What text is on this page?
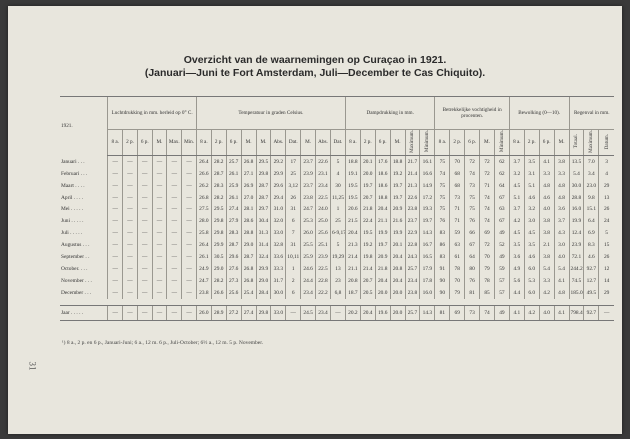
Overzicht van de waarnemingen op Curaçao in 1921.
(Januari—Juni te Fort Amsterdam, Juli—December te Cas Chiquito).
1921.	Luchtdrukking in mm. herleid op 0° C.						Temperatuur in graden Celsius.										Dampdrukking in mm.						Betrekkelijke vochtigheid in procenten.					Bewolking (0—10).				Regenval in mm.		
	8 a.	2 p.	6 p.	M.	Max.	Min.	8 a.	2 p.	6 p.	M.	M.	Abs.	Dat.	M.	Abs.	Dat.	8 a.	2 p.	6 p.	M.	Maximum.	Minimum.	8 a.	2 p.	6 p.	M.	Minimum.	8 a.	2 p.	6 p.	M.	Totaal.	Maximum.	Datum.
Januari . . .	—	—	—	—	—	—	26.4	28.2	25.7	26.8	29.5	29.2	17	23.7	22.6	5	18.8	20.1	17.6	18.8	21.7	16.1	75	70	72	72	62	3.7	3.5	4.1	3.8	13.5	7.0	3
Februari . . .	—	—	—	—	—	—	26.6	28.7	26.1	27.1	29.8	29.9	25	23.9	23.1	4	19.1	20.0	18.6	19.2	21.4	16.6	74	68	74	72	62	3.2	3.1	3.3	3.3	5.4	3.4	4
Maart . . . .	—	—	—	—	—	—	26.2	28.3	25.9	26.9	28.7	29.6	3,12	23.7	23.4	30	19.5	19.7	18.6	19.7	21.3	14.9	75	68	73	71	64	4.5	5.1	4.8	4.8	30.0	23.0	29
April . . . .	—	—	—	—	—	—	26.8	28.2	26.1	27.0	28.7	29.4	26	23.8	22.5	11,25	19.5	20.7	18.8	19.7	22.6	17.2	75	73	75	74	67	5.1	4.6	4.6	4.8	28.8	9.8	13
Mei . . . . .	—	—	—	—	—	—	27.5	29.5	27.4	28.1	29.7	31.0	31	24.7	24.0	1	20.6	21.8	20.4	20.9	23.8	19.3	75	71	75	74	63	3.7	3.2	4.0	3.6	16.0	15.1	26
Juni . . . . .	—	—	—	—	—	—	28.0	29.8	27.9	28.6	30.4	32.0	6	25.3	25.0	25	21.5	22.4	21.1	21.6	23.7	19.7	76	71	76	74	67	4.2	3.0	3.8	3.7	19.9	6.4	24
Juli . . . . .	—	—	—	—	—	—	25.8	29.8	28.3	28.8	31.3	33.0	7	26.0	25.6	6-9,17	20.4	19.5	19.9	19.9	22.9	14.3	83	59	66	69	49	4.5	4.5	3.8	4.3	12.4	6.9	5
Augustus . . .	—	—	—	—	—	—	26.4	29.9	28.7	29.0	31.4	32.8	31	25.5	25.1	5	21.3	19.2	19.7	20.1	22.8	16.7	86	63	67	72	52	3.5	3.5	2.1	3.0	23.9	8.3	15
September . .	—	—	—	—	—	—	26.1	30.5	29.6	28.7	32.4	33.6	10,11	25.9	23.9	19,29	21.4	19.8	20.9	20.4	24.3	16.5	83	61	64	70	49	3.6	4.6	3.8	4.0	72.1	4.6	26
October. . . .	—	—	—	—	—	—	24.9	29.0	27.6	26.8	29.9	33.3	1	24.6	22.5	13	21.1	21.4	21.8	20.8	25.7	17.9	91	78	80	79	59	4.9	6.0	5.4	5.4	244.2	92.7	12
November . . .	—	—	—	—	—	—	24.7	28.2	27.3	26.8	29.0	31.7	2	24.4	22.8	23	20.8	20.7	20.4	20.4	23.4	17.8	90	70	76	78	57	5.6	5.3	3.3	4.1	74.5	12.7	14
December . . .	—	—	—	—	—	—	23.8	26.6	25.6	25.4	28.4	30.0	6	23.4	22.2	6,8	18.7	20.5	20.0	20.0	23.8	16.0	90	79	81	85	57	4.4	6.0	4.2	4.8	185.0	49.5	29

Jaar . . . . .	—	—	—	—	—	—	26.0	28.9	27.2	27.4	29.8	33.0	—	24.5	23.4	—	20.2	20.4	19.6	20.0	25.7	14.3	81	69	73	74	49	4.1	4.2	4.0	4.1	798.4	92.7	—
¹) 8 a., 2 p. en 6 p., Januari-Juni; 6 a., 12 m. 6 p., Juli-October; 6½ a., 12 m. 5 p. November.
31
